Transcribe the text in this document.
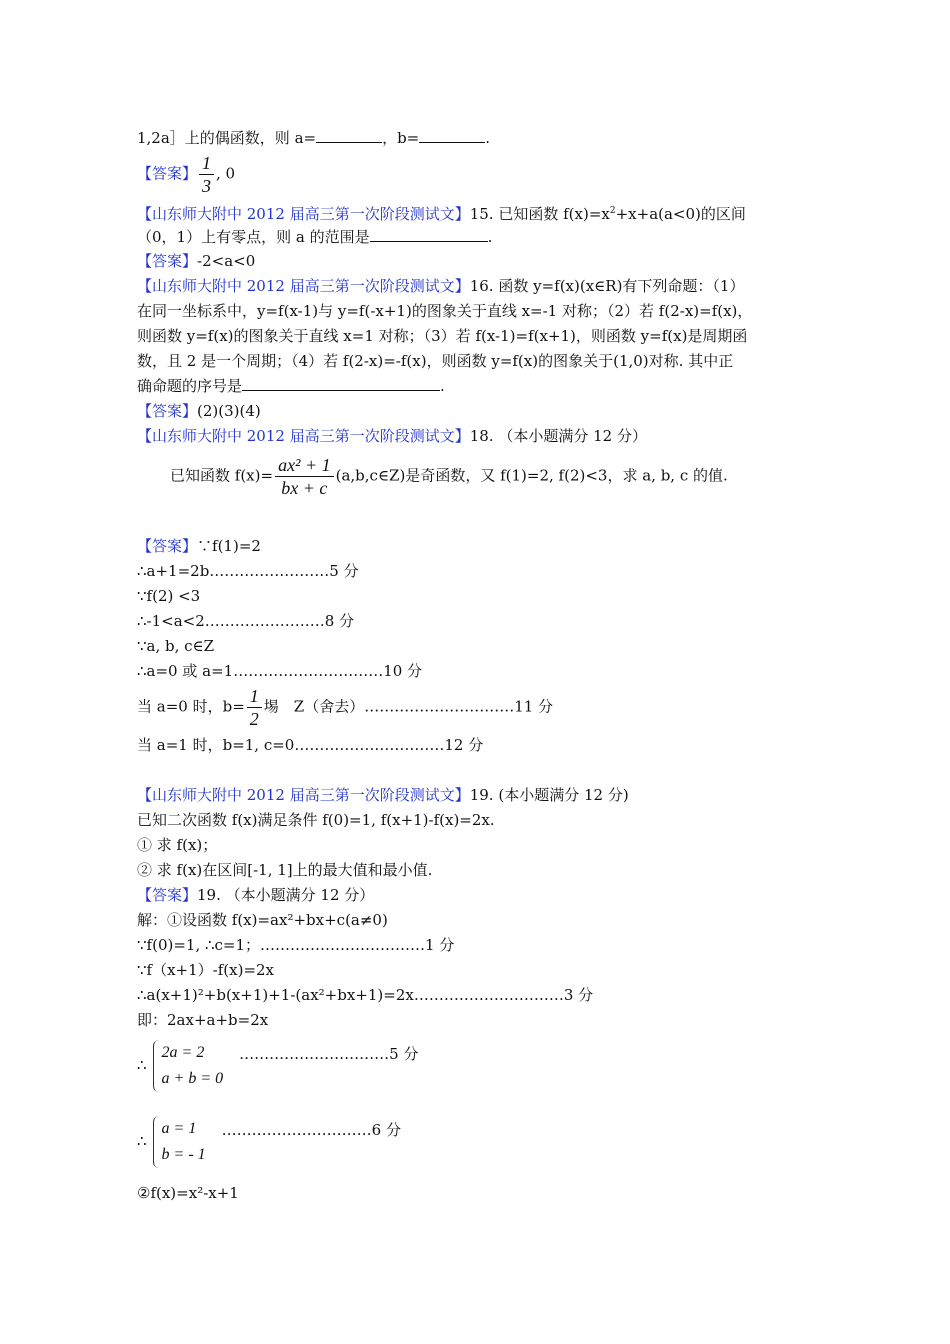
1,2a］上的偶函数，则 a=	，b=	.
【答案】 $\frac{1}{3}$ , 0
【山东师大附中 2012 届高三第一次阶段测试文】15. 已知函数 $f(x)=x^2+x+a(a<0)$的区间
（0，1）上有零点，则 a 的范围是	.
【答案】-2<a<0
【山东师大附中 2012 届高三第一次阶段测试文】16. 函数 y=f(x)(x∈R)有下列命题：（1）
在同一坐标系中，y=f(x-1)与 y=f(-x+1)的图象关于直线 x=-1 对称；（2）若 f(2-x)=f(x)，
则函数 y=f(x)的图象关于直线 x=1 对称；（3）若 f(x-1)=f(x+1)，则函数 y=f(x)是周期函
数，且 2 是一个周期；（4）若 f(2-x)=-f(x)，则函数 y=f(x)的图象关于(1,0)对称. 其中正
确命题的序号是	.
【答案】(2)(3)(4)
【山东师大附中 2012 届高三第一次阶段测试文】18. （本小题满分 12 分）
已知函数 $f(x)= \frac{\text{ax² + 1}}{bx + c}$ (a,b,c∈Z)是奇函数，又 f(1)=2, f(2)<3，求 a, b, c 的值.
【答案】∵f(1)=2
∴a+1=2b……………………5 分
∵f(2) <3
∴-1<a<2……………………8 分
∵a, b, c∈Z
∴a=0 或 a=1…………………………10 分
当 a=0 时，$b= \frac{1}{2}$ 埸　Z（舍去）…………………………11 分
当 a=1 时，b=1, c=0…………………………12 分
【山东师大附中 2012 届高三第一次阶段测试文】19. (本小题满分 12 分)
已知二次函数 f(x)满足条件 f(0)=1, f(x+1)-f(x)=2x.
① 求 f(x)；
② 求 f(x)在区间[-1, 1]上的最大值和最小值.
【答案】19. （本小题满分 12 分）
解：①设函数 f(x)=ax²+bx+c(a≠0)
∵f(0)=1, ∴c=1；……………………………1 分
∵f（x+1）-f(x)=2x
∴a(x+1)²+b(x+1)+1-(ax²+bx+1)=2x…………………………3 分
即：2ax+a+b=2x
∴
2a = 2
a + b = 0
…………………………5 分
∴
a = 1
b = - 1
…………………………6 分
②f(x)=x²-x+1
